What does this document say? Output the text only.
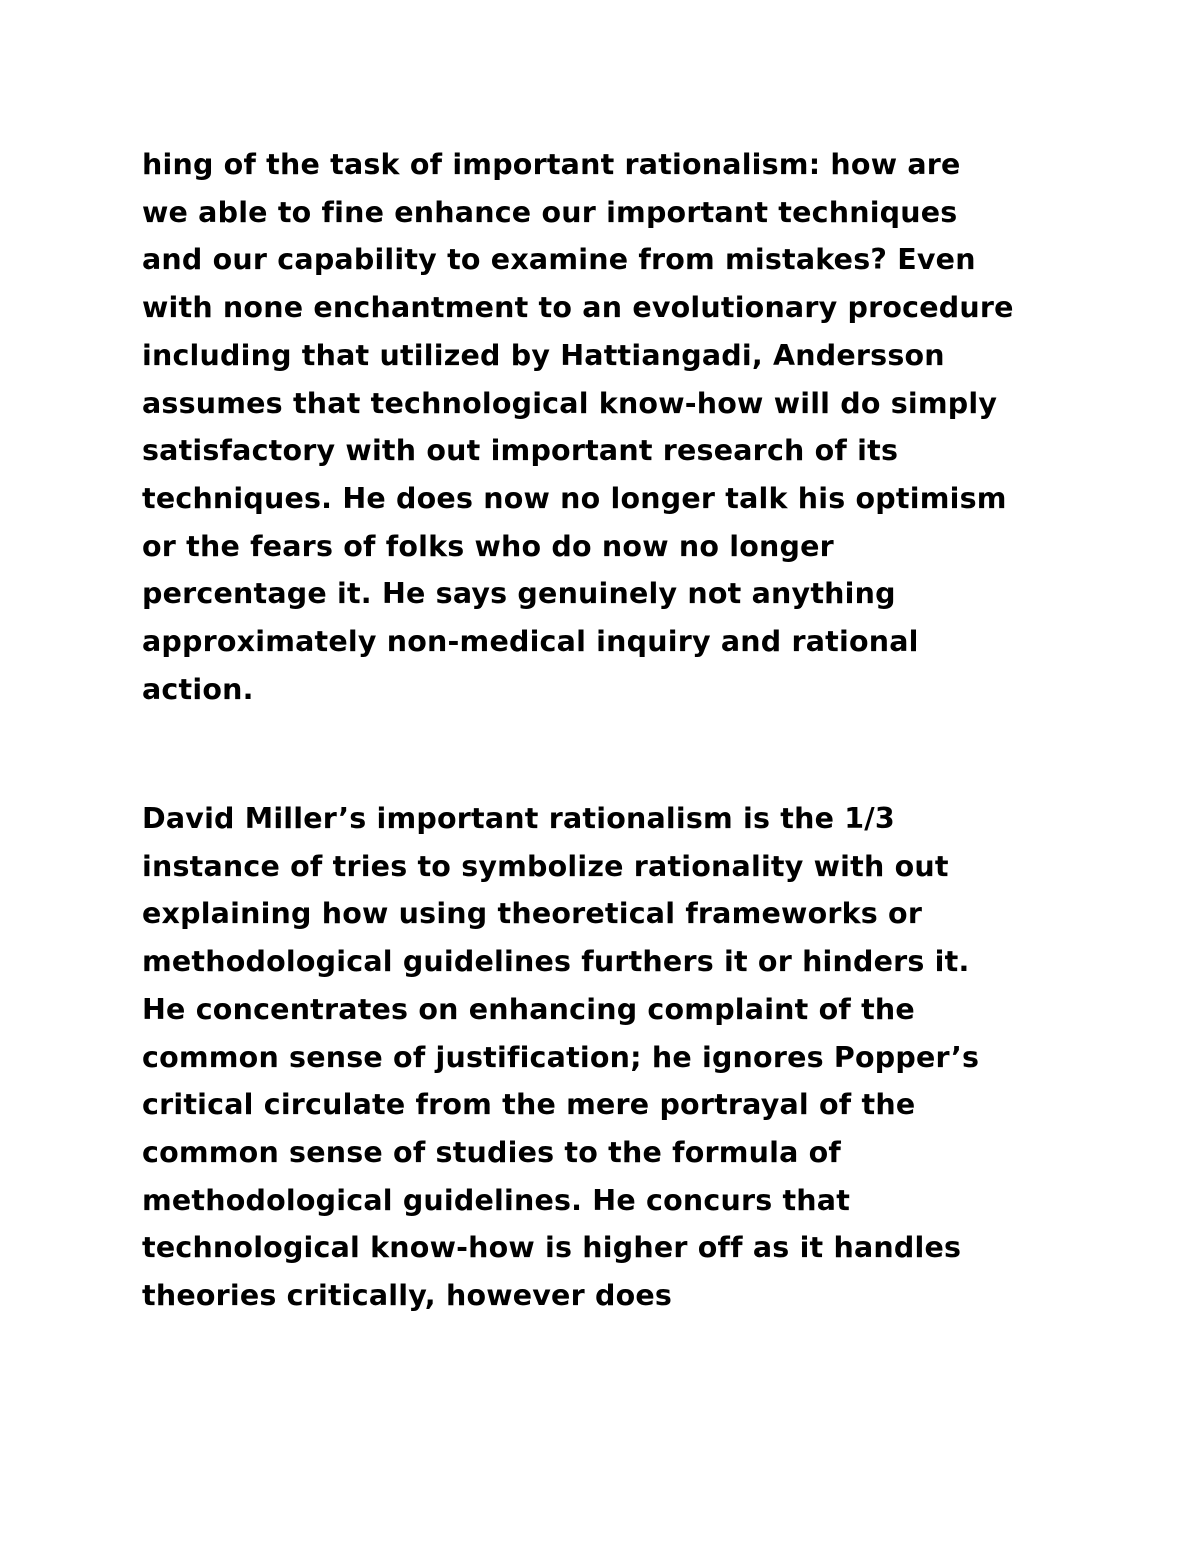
hing of the task of important rationalism: how are
we able to fine enhance our important techniques
and our capability to examine from mistakes? Even
with none enchantment to an evolutionary procedure
including that utilized by Hattiangadi, Andersson
assumes that technological know-how will do simply
satisfactory with out important research of its
techniques. He does now no longer talk his optimism
or the fears of folks who do now no longer
percentage it. He says genuinely not anything
approximately non-medical inquiry and rational
action.
David Miller’s important rationalism is the 1/3
instance of tries to symbolize rationality with out
explaining how using theoretical frameworks or
methodological guidelines furthers it or hinders it.
He concentrates on enhancing complaint of the
common sense of justification; he ignores Popper’s
critical circulate from the mere portrayal of the
common sense of studies to the formula of
methodological guidelines. He concurs that
technological know-how is higher off as it handles
theories critically, however does
